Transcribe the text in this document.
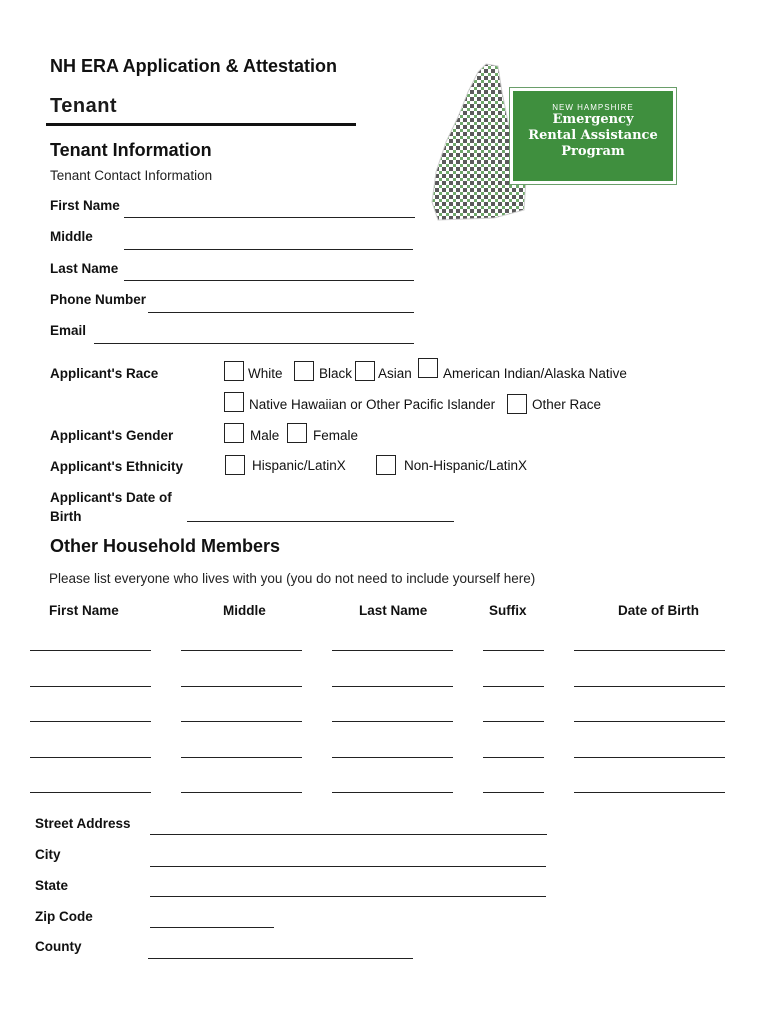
NH ERA Application & Attestation
Tenant	NEW HAMPSHIRE
Emergency
Rental Assistance
Program
Tenant Information
Tenant Contact Information
First Name
Middle
Last Name
Phone Number
Email
Applicant's Race	White	Black Asian American Indian/Alaska Native
Native Hawaiian or Other Pacific Islander	Other Race
Applicant's Gender	Male Female
Applicant's Ethnicity	Hispanic/LatinX	Non-Hispanic/LatinX
Applicant's Date of
Birth
Other Household Members
Please list everyone who lives with you (you do not need to include yourself here)
First Name	Middle	Last Name	Suffix	Date of Birth
Street Address
City
State
Zip Code
County
